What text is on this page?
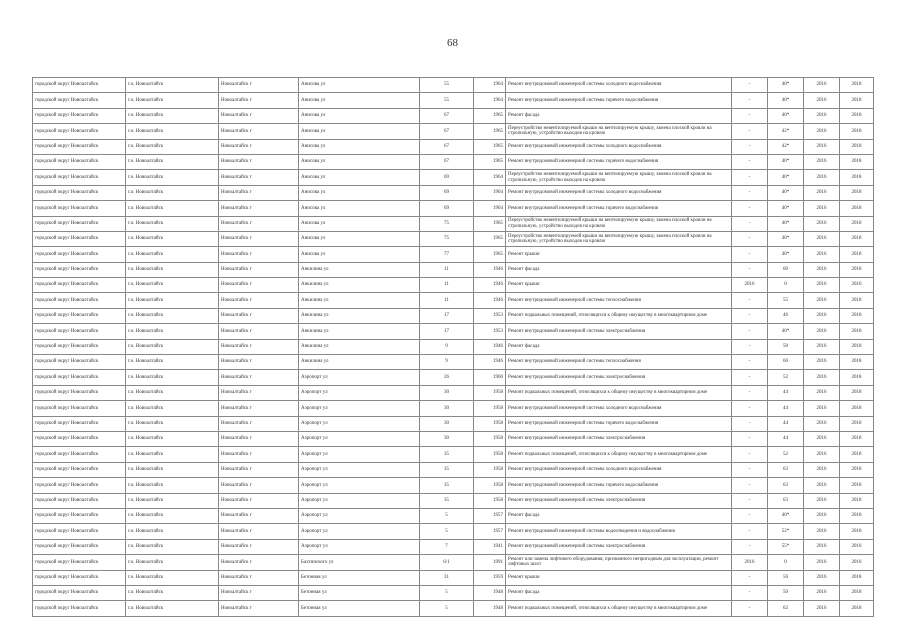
68
городской округ Новоалтайск	г.о. Новоалтайск	Новоалтайск г	Анисова ул	55	1964	Ремонт внутридомовой инженерной системы холодного водоснабжения	-	40*	2016	2018
городской округ Новоалтайск	г.о. Новоалтайск	Новоалтайск г	Анисова ул	55	1964	Ремонт внутридомовой инженерной системы горячего водоснабжения	-	40*	2016	2018
городской округ Новоалтайск	г.о. Новоалтайск	Новоалтайск г	Анисова ул	67	1965	Ремонт фасада	-	40*	2016	2018
городской округ Новоалтайск	г.о. Новоалтайск	Новоалтайск г	Анисова ул	67	1965	Переустройство невентилируемой крыши на вентилируемую крышу, замена плоской кровли на стропильную, устройство выходов на кровлю	-	42*	2016	2018
городской округ Новоалтайск	г.о. Новоалтайск	Новоалтайск г	Анисова ул	67	1965	Ремонт внутридомовой инженерной системы холодного водоснабжения	-	42*	2016	2018
городской округ Новоалтайск	г.о. Новоалтайск	Новоалтайск г	Анисова ул	67	1965	Ремонт внутридомовой инженерной системы горячего водоснабжения	-	40*	2016	2018
городской округ Новоалтайск	г.о. Новоалтайск	Новоалтайск г	Анисова ул	69	1964	Переустройство невентилируемой крыши на вентилируемую крышу, замена плоской кровли на стропильную, устройство выходов на кровлю	-	40*	2016	2018
городской округ Новоалтайск	г.о. Новоалтайск	Новоалтайск г	Анисова ул	69	1964	Ремонт внутридомовой инженерной системы холодного водоснабжения	-	40*	2016	2018
городской округ Новоалтайск	г.о. Новоалтайск	Новоалтайск г	Анисова ул	69	1964	Ремонт внутридомовой инженерной системы горячего водоснабжения	-	40*	2016	2018
городской округ Новоалтайск	г.о. Новоалтайск	Новоалтайск г	Анисова ул	75	1965	Переустройство невентилируемой крыши на вентилируемую крышу, замена плоской кровли на стропильную, устройство выходов на кровлю	-	40*	2016	2018
городской округ Новоалтайск	г.о. Новоалтайск	Новоалтайск г	Анисова ул	75	1965	Переустройство невентилируемой крыши на вентилируемую крышу, замена плоской кровли на стропильную, устройство выходов на кровлю	-	40*	2016	2018
городской округ Новоалтайск	г.о. Новоалтайск	Новоалтайск г	Анисова ул	77	1965	Ремонт крыши	-	40*	2016	2018
городской округ Новоалтайск	г.о. Новоалтайск	Новоалтайск г	Анкилина ул	11	1946	Ремонт фасада	-	60	2016	2018
городской округ Новоалтайск	г.о. Новоалтайск	Новоалтайск г	Анкилина ул	11	1946	Ремонт крыши	2016	0	2016	2016
городской округ Новоалтайск	г.о. Новоалтайск	Новоалтайск г	Анкилина ул	11	1946	Ремонт внутридомовой инженерной системы теплоснабжения	-	55	2016	2018
городской округ Новоалтайск	г.о. Новоалтайск	Новоалтайск г	Анкилина ул	17	1953	Ремонт подвальных помещений, относящихся к общему имуществу в многоквартирном доме	-	46	2016	2018
городской округ Новоалтайск	г.о. Новоалтайск	Новоалтайск г	Анкилина ул	17	1953	Ремонт внутридомовой инженерной системы электроснабжения	-	40*	2016	2018
городской округ Новоалтайск	г.о. Новоалтайск	Новоалтайск г	Анкилина ул	9	1946	Ремонт фасада	-	50	2016	2018
городской округ Новоалтайск	г.о. Новоалтайск	Новоалтайск г	Анкилина ул	9	1946	Ремонт внутридомовой инженерной системы теплоснабжения	-	60	2016	2018
городской округ Новоалтайск	г.о. Новоалтайск	Новоалтайск г	Аэропорт ул	26	1960	Ремонт внутридомовой инженерной системы электроснабжения	-	52	2016	2018
городской округ Новоалтайск	г.о. Новоалтайск	Новоалтайск г	Аэропорт ул	30	1958	Ремонт подвальных помещений, относящихся к общему имуществу в многоквартирном доме	-	44	2016	2018
городской округ Новоалтайск	г.о. Новоалтайск	Новоалтайск г	Аэропорт ул	30	1958	Ремонт внутридомовой инженерной системы холодного водоснабжения	-	44	2016	2018
городской округ Новоалтайск	г.о. Новоалтайск	Новоалтайск г	Аэропорт ул	30	1958	Ремонт внутридомовой инженерной системы горячего водоснабжения	-	44	2016	2018
городской округ Новоалтайск	г.о. Новоалтайск	Новоалтайск г	Аэропорт ул	30	1958	Ремонт внутридомовой инженерной системы электроснабжения	-	44	2016	2018
городской округ Новоалтайск	г.о. Новоалтайск	Новоалтайск г	Аэропорт ул	35	1958	Ремонт подвальных помещений, относящихся к общему имуществу в многоквартирном доме	-	52	2016	2018
городской округ Новоалтайск	г.о. Новоалтайск	Новоалтайск г	Аэропорт ул	35	1958	Ремонт внутридомовой инженерной системы холодного водоснабжения	-	63	2016	2018
городской округ Новоалтайск	г.о. Новоалтайск	Новоалтайск г	Аэропорт ул	35	1958	Ремонт внутридомовой инженерной системы горячего водоснабжения	-	63	2016	2018
городской округ Новоалтайск	г.о. Новоалтайск	Новоалтайск г	Аэропорт ул	35	1958	Ремонт внутридомовой инженерной системы электроснабжения	-	63	2016	2018
городской округ Новоалтайск	г.о. Новоалтайск	Новоалтайск г	Аэропорт ул	5	1957	Ремонт фасада	-	40*	2016	2018
городской округ Новоалтайск	г.о. Новоалтайск	Новоалтайск г	Аэропорт ул	5	1957	Ремонт внутридомовой инженерной системы водоотведения и водоснабжения	-	52*	2016	2018
городской округ Новоалтайск	г.о. Новоалтайск	Новоалтайск г	Аэропорт ул	7	1941	Ремонт внутридомовой инженерной системы электроснабжения	-	55*	2016	2016
городской округ Новоалтайск	г.о. Новоалтайск	Новоалтайск г	Бахтинского ул	6/1	1991	Ремонт или замена лифтового оборудования, признанного непригодным для эксплуатации, ремонт лифтовых шахт	2016	0	2016	2016
городской округ Новоалтайск	г.о. Новоалтайск	Новоалтайск г	Бетонная ул	31	1959	Ремонт крыши	-	56	2016	2018
городской округ Новоалтайск	г.о. Новоалтайск	Новоалтайск г	Бетонная ул	5	1948	Ремонт фасада	-	50	2016	2018
городской округ Новоалтайск	г.о. Новоалтайск	Новоалтайск г	Бетонная ул	5	1948	Ремонт подвальных помещений, относящихся к общему имуществу в многоквартирном доме	-	62	2016	2018
